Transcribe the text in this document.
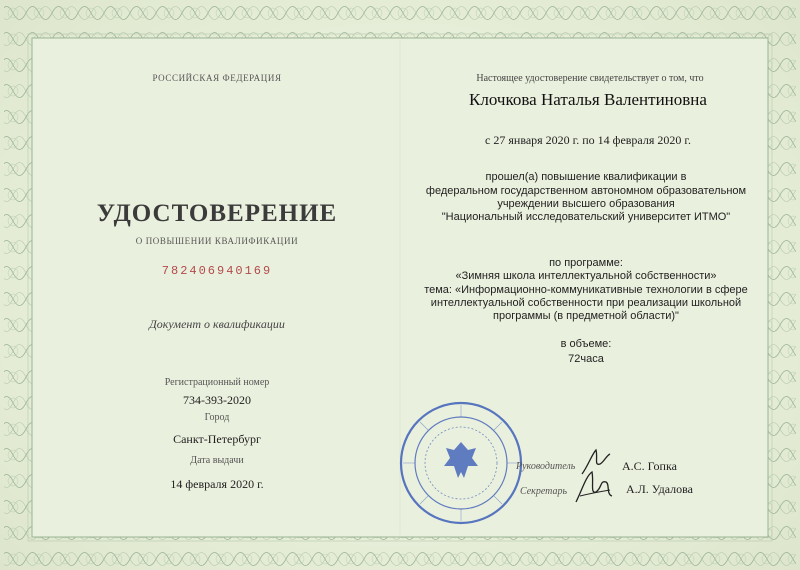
РОССИЙСКАЯ ФЕДЕРАЦИЯ
УДОСТОВЕРЕНИЕ
О ПОВЫШЕНИИ КВАЛИФИКАЦИИ
782406940169
Документ о квалификации
Регистрационный номер
734-393-2020
Город
Санкт-Петербург
Дата выдачи
14 февраля 2020 г.
Настоящее удостоверение свидетельствует о том, что
Клочкова Наталья Валентиновна
с 27 января 2020 г. по 14 февраля 2020 г.
прошел(а) повышение квалификации в
федеральном государственном автономном образовательном
учреждении высшего образования
"Национальный исследовательский университет ИТМО"
по программе:
«Зимняя школа интеллектуальной собственности»
тема: «Информационно-коммуникативные технологии в сфере
интеллектуальной собственности при реализации школьной
программы (в предметной области)"
в объеме:
72часа
Руководитель	А.С. Гопка
Секретарь	А.Л. Удалова
